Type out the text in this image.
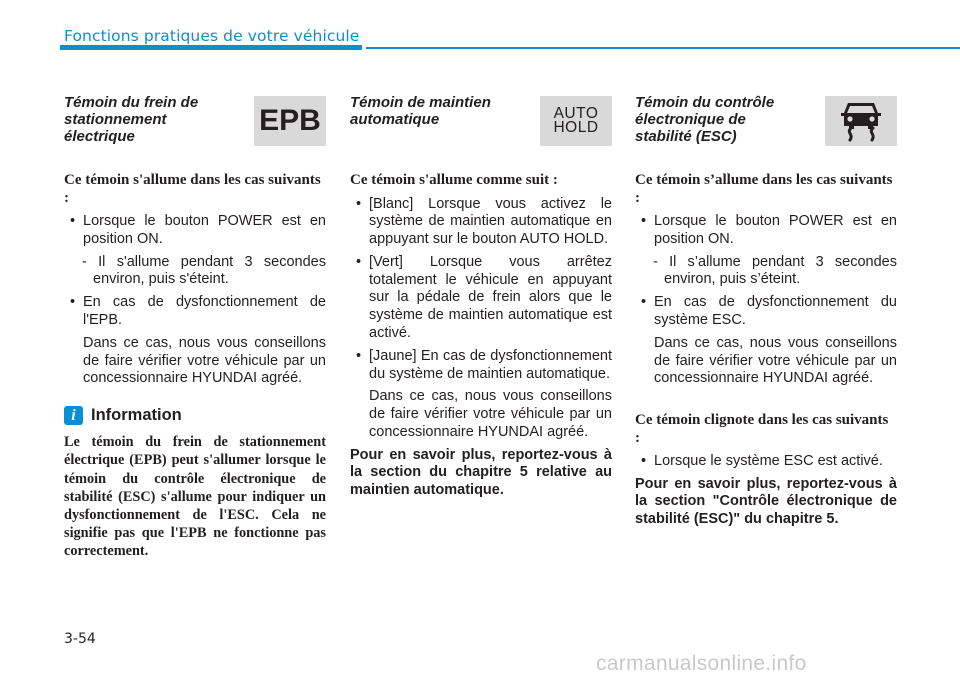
Fonctions pratiques de votre véhicule
Témoin du frein de stationnement électrique	EPB
Ce témoin s'allume dans les cas suivants :
• Lorsque le bouton POWER est en position ON.
- Il s'allume pendant 3 secondes environ, puis s'éteint.
• En cas de dysfonctionnement de l'EPB.
Dans ce cas, nous vous conseillons de faire vérifier votre véhicule par un concessionnaire HYUNDAI agréé.
i Information
Le témoin du frein de stationnement électrique (EPB) peut s'allumer lorsque le témoin du contrôle électronique de stabilité (ESC) s'allume pour indiquer un dysfonctionnement de l'ESC. Cela ne signifie pas que l'EPB ne fonctionne pas correctement.
Témoin de maintien automatique	AUTO
HOLD
Ce témoin s'allume comme suit :
• [Blanc] Lorsque vous activez le système de maintien automatique en appuyant sur le bouton AUTO HOLD.
• [Vert] Lorsque vous arrêtez totalement le véhicule en appuyant sur la pédale de frein alors que le système de maintien automatique est activé.
• [Jaune] En cas de dysfonctionnement du système de maintien automatique.
Dans ce cas, nous vous conseillons de faire vérifier votre véhicule par un concessionnaire HYUNDAI agréé.
Pour en savoir plus, reportez-vous à la section du chapitre 5 relative au maintien automatique.
Témoin du contrôle électronique de stabilité (ESC)
Ce témoin s’allume dans les cas suivants :
• Lorsque le bouton POWER est en position ON.
- Il s’allume pendant 3 secondes environ, puis s’éteint.
• En cas de dysfonctionnement du système ESC.
Dans ce cas, nous vous conseillons de faire vérifier votre véhicule par un concessionnaire HYUNDAI agréé.
Ce témoin clignote dans les cas suivants :
• Lorsque le système ESC est activé.
Pour en savoir plus, reportez-vous à la section "Contrôle électronique de stabilité (ESC)" du chapitre 5.
3-54
carmanualsonline.info
